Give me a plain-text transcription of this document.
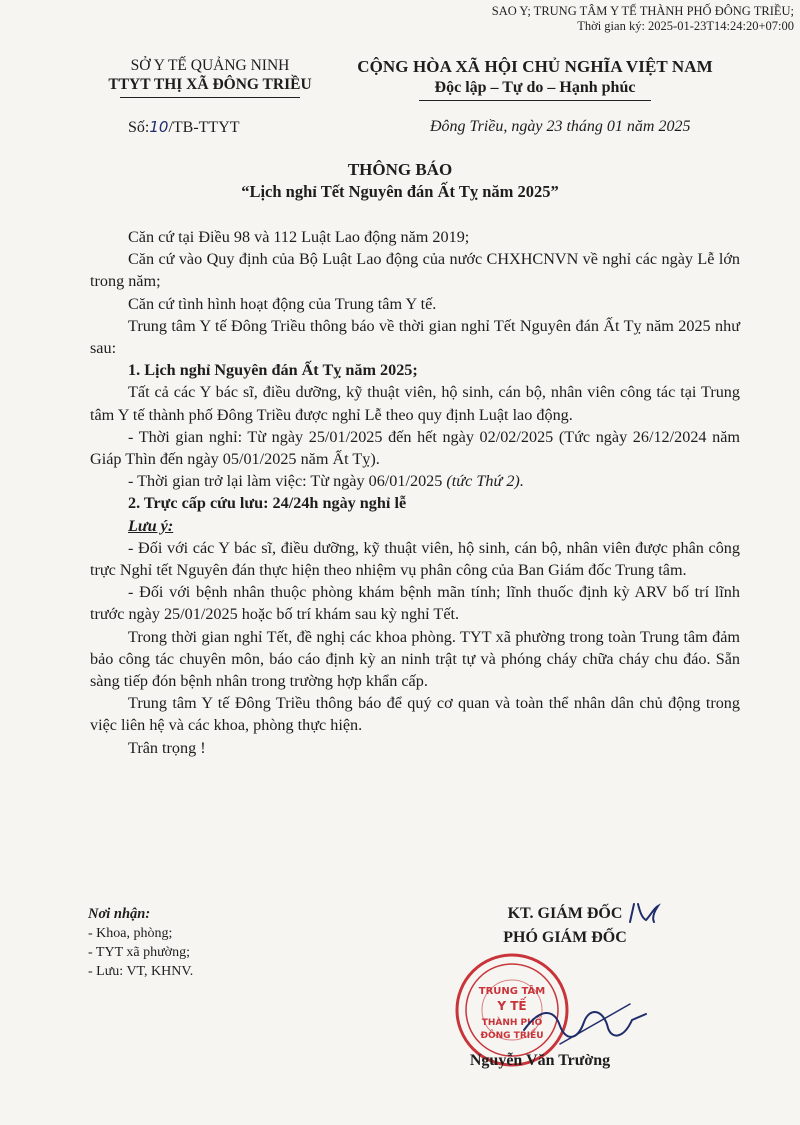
SAO Y; TRUNG TÂM Y TẾ THÀNH PHỐ ĐÔNG TRIỀU;
Thời gian ký: 2025-01-23T14:24:20+07:00
SỞ Y TẾ QUẢNG NINH
TTYT THỊ XÃ ĐÔNG TRIỀU
CỘNG HÒA XÃ HỘI CHỦ NGHĨA VIỆT NAM
Độc lập – Tự do – Hạnh phúc
Số:10/TB-TTYT	Đông Triều, ngày 23 tháng 01 năm 2025
THÔNG BÁO
“Lịch nghỉ Tết Nguyên đán Ất Tỵ năm 2025”

Căn cứ tại Điều 98 và 112 Luật Lao động năm 2019;

Căn cứ vào Quy định của Bộ Luật Lao động của nước CHXHCNVN về nghỉ các ngày Lễ lớn trong năm;

Căn cứ tình hình hoạt động của Trung tâm Y tế.

Trung tâm Y tế Đông Triều thông báo về thời gian nghỉ Tết Nguyên đán Ất Tỵ năm 2025 như sau:

1. Lịch nghỉ Nguyên đán Ất Tỵ năm 2025;

Tất cả các Y bác sĩ, điều dưỡng, kỹ thuật viên, hộ sinh, cán bộ, nhân viên công tác tại Trung tâm Y tế thành phố Đông Triều được nghỉ Lễ theo quy định Luật lao động.

- Thời gian nghỉ: Từ ngày 25/01/2025 đến hết ngày 02/02/2025 (Tức ngày 26/12/2024 năm Giáp Thìn đến ngày 05/01/2025 năm Ất Tỵ).

- Thời gian trở lại làm việc: Từ ngày 06/01/2025 (tức Thứ 2).

2. Trực cấp cứu lưu: 24/24h ngày nghỉ lễ

Lưu ý:

- Đối với các Y bác sĩ, điều dưỡng, kỹ thuật viên, hộ sinh, cán bộ, nhân viên được phân công trực Nghỉ tết Nguyên đán thực hiện theo nhiệm vụ phân công của Ban Giám đốc Trung tâm.

- Đối với bệnh nhân thuộc phòng khám bệnh mãn tính; lĩnh thuốc định kỳ ARV bố trí lĩnh trước ngày 25/01/2025 hoặc bố trí khám sau kỳ nghỉ Tết.

Trong thời gian nghỉ Tết, đề nghị các khoa phòng. TYT xã phường trong toàn Trung tâm đảm bảo công tác chuyên môn, báo cáo định kỳ an ninh trật tự và phóng cháy chữa cháy chu đáo. Sẵn sàng tiếp đón bệnh nhân trong trường hợp khẩn cấp.

Trung tâm Y tế Đông Triều thông báo để quý cơ quan và toàn thể nhân dân chủ động trong việc liên hệ và các khoa, phòng thực hiện.

Trân trọng !

Nơi nhận:
- Khoa, phòng;
- TYT xã phường;
- Lưu: VT, KHNV.
KT. GIÁM ĐỐC
PHÓ GIÁM ĐỐC
TRUNG TÂM
Y TẾ
THÀNH PHỐ
ĐÔNG TRIỀU
Nguyễn Văn Trường
